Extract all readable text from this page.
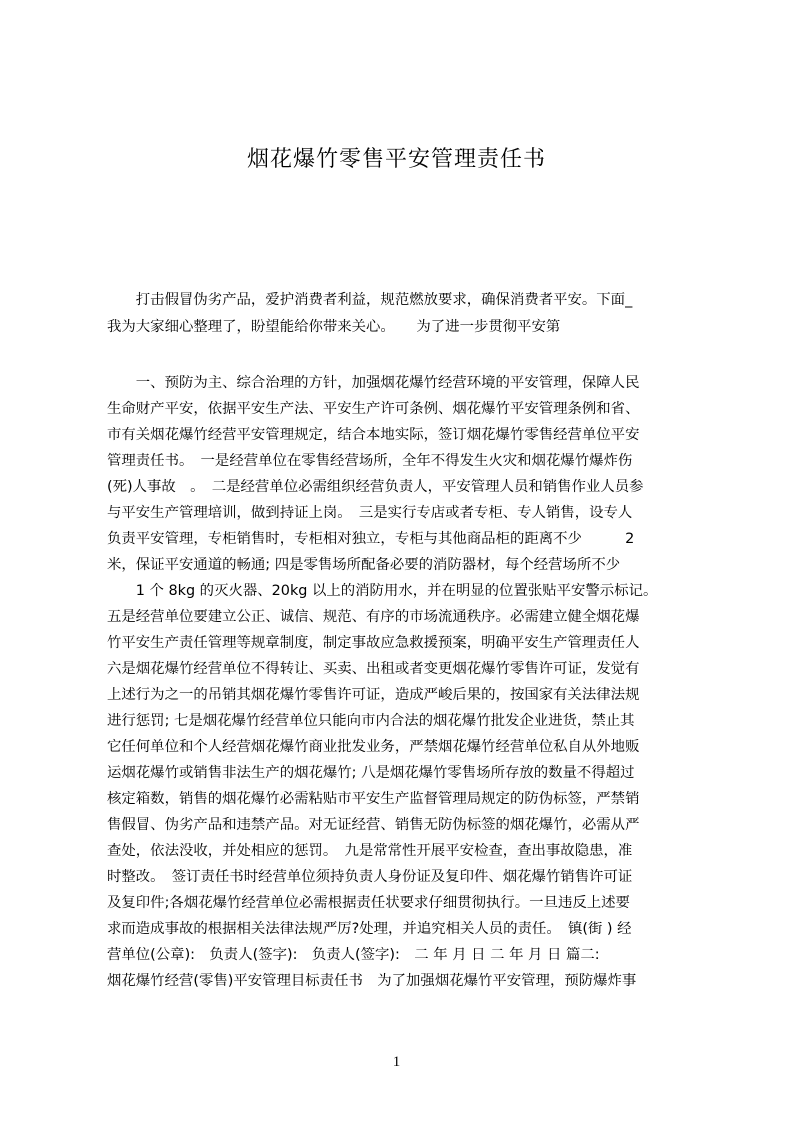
烟花爆竹零售平安管理责任书
　　打击假冒伪劣产品，爱护消费者利益，规范燃放要求，确保消费者平安。下面_
我为大家细心整理了，盼望能给你带来关心。　　为了进一步贯彻平安第
　　一、预防为主、综合治理的方针，加强烟花爆竹经营环境的平安管理，保障人民
生命财产平安，依据平安生产法、平安生产许可条例、烟花爆竹平安管理条例和省、
市有关烟花爆竹经营平安管理规定，结合本地实际，签订烟花爆竹零售经营单位平安
管理责任书。　一是经营单位在零售经营场所，全年不得发生火灾和烟花爆竹爆炸伤
(死)人事故　。　二是经营单位必需组织经营负责人，平安管理人员和销售作业人员参
与平安生产管理培训，做到持证上岗。　三是实行专店或者专柜、专人销售，设专人
负责平安管理，专柜销售时，专柜相对独立，专柜与其他商品柜的距离不少　　　2
米，保证平安通道的畅通; 四是零售场所配备必要的消防器材，每个经营场所不少
　　1 个 8kg 的灭火器、20kg 以上的消防用水，并在明显的位置张贴平安警示标记。
五是经营单位要建立公正、诚信、规范、有序的市场流通秩序。必需建立健全烟花爆
竹平安生产责任管理等规章制度，制定事故应急救援预案，明确平安生产管理责任人
六是烟花爆竹经营单位不得转让、买卖、出租或者变更烟花爆竹零售许可证，发觉有
上述行为之一的吊销其烟花爆竹零售许可证，造成严峻后果的，按国家有关法律法规
进行惩罚; 七是烟花爆竹经营单位只能向市内合法的烟花爆竹批发企业进货，禁止其
它任何单位和个人经营烟花爆竹商业批发业务，严禁烟花爆竹经营单位私自从外地贩
运烟花爆竹或销售非法生产的烟花爆竹; 八是烟花爆竹零售场所存放的数量不得超过
核定箱数，销售的烟花爆竹必需粘贴市平安生产监督管理局规定的防伪标签，严禁销
售假冒、伪劣产品和违禁产品。对无证经营、销售无防伪标签的烟花爆竹，必需从严
查处，依法没收，并处相应的惩罚。　九是常常性开展平安检查，查出事故隐患，准
时整改。　签订责任书时经营单位须持负责人身份证及复印件、烟花爆竹销售许可证
及复印件;各烟花爆竹经营单位必需根据责任状要求仔细贯彻执行。一旦违反上述要
求而造成事故的根据相关法律法规严厉?处理，并追究相关人员的责任。　镇(街 ) 经
营单位(公章):　负责人(签字):　负责人(签字):　二 年 月 日 二 年 月 日 篇二:
烟花爆竹经营(零售)平安管理目标责任书　为了加强烟花爆竹平安管理，预防爆炸事
1
